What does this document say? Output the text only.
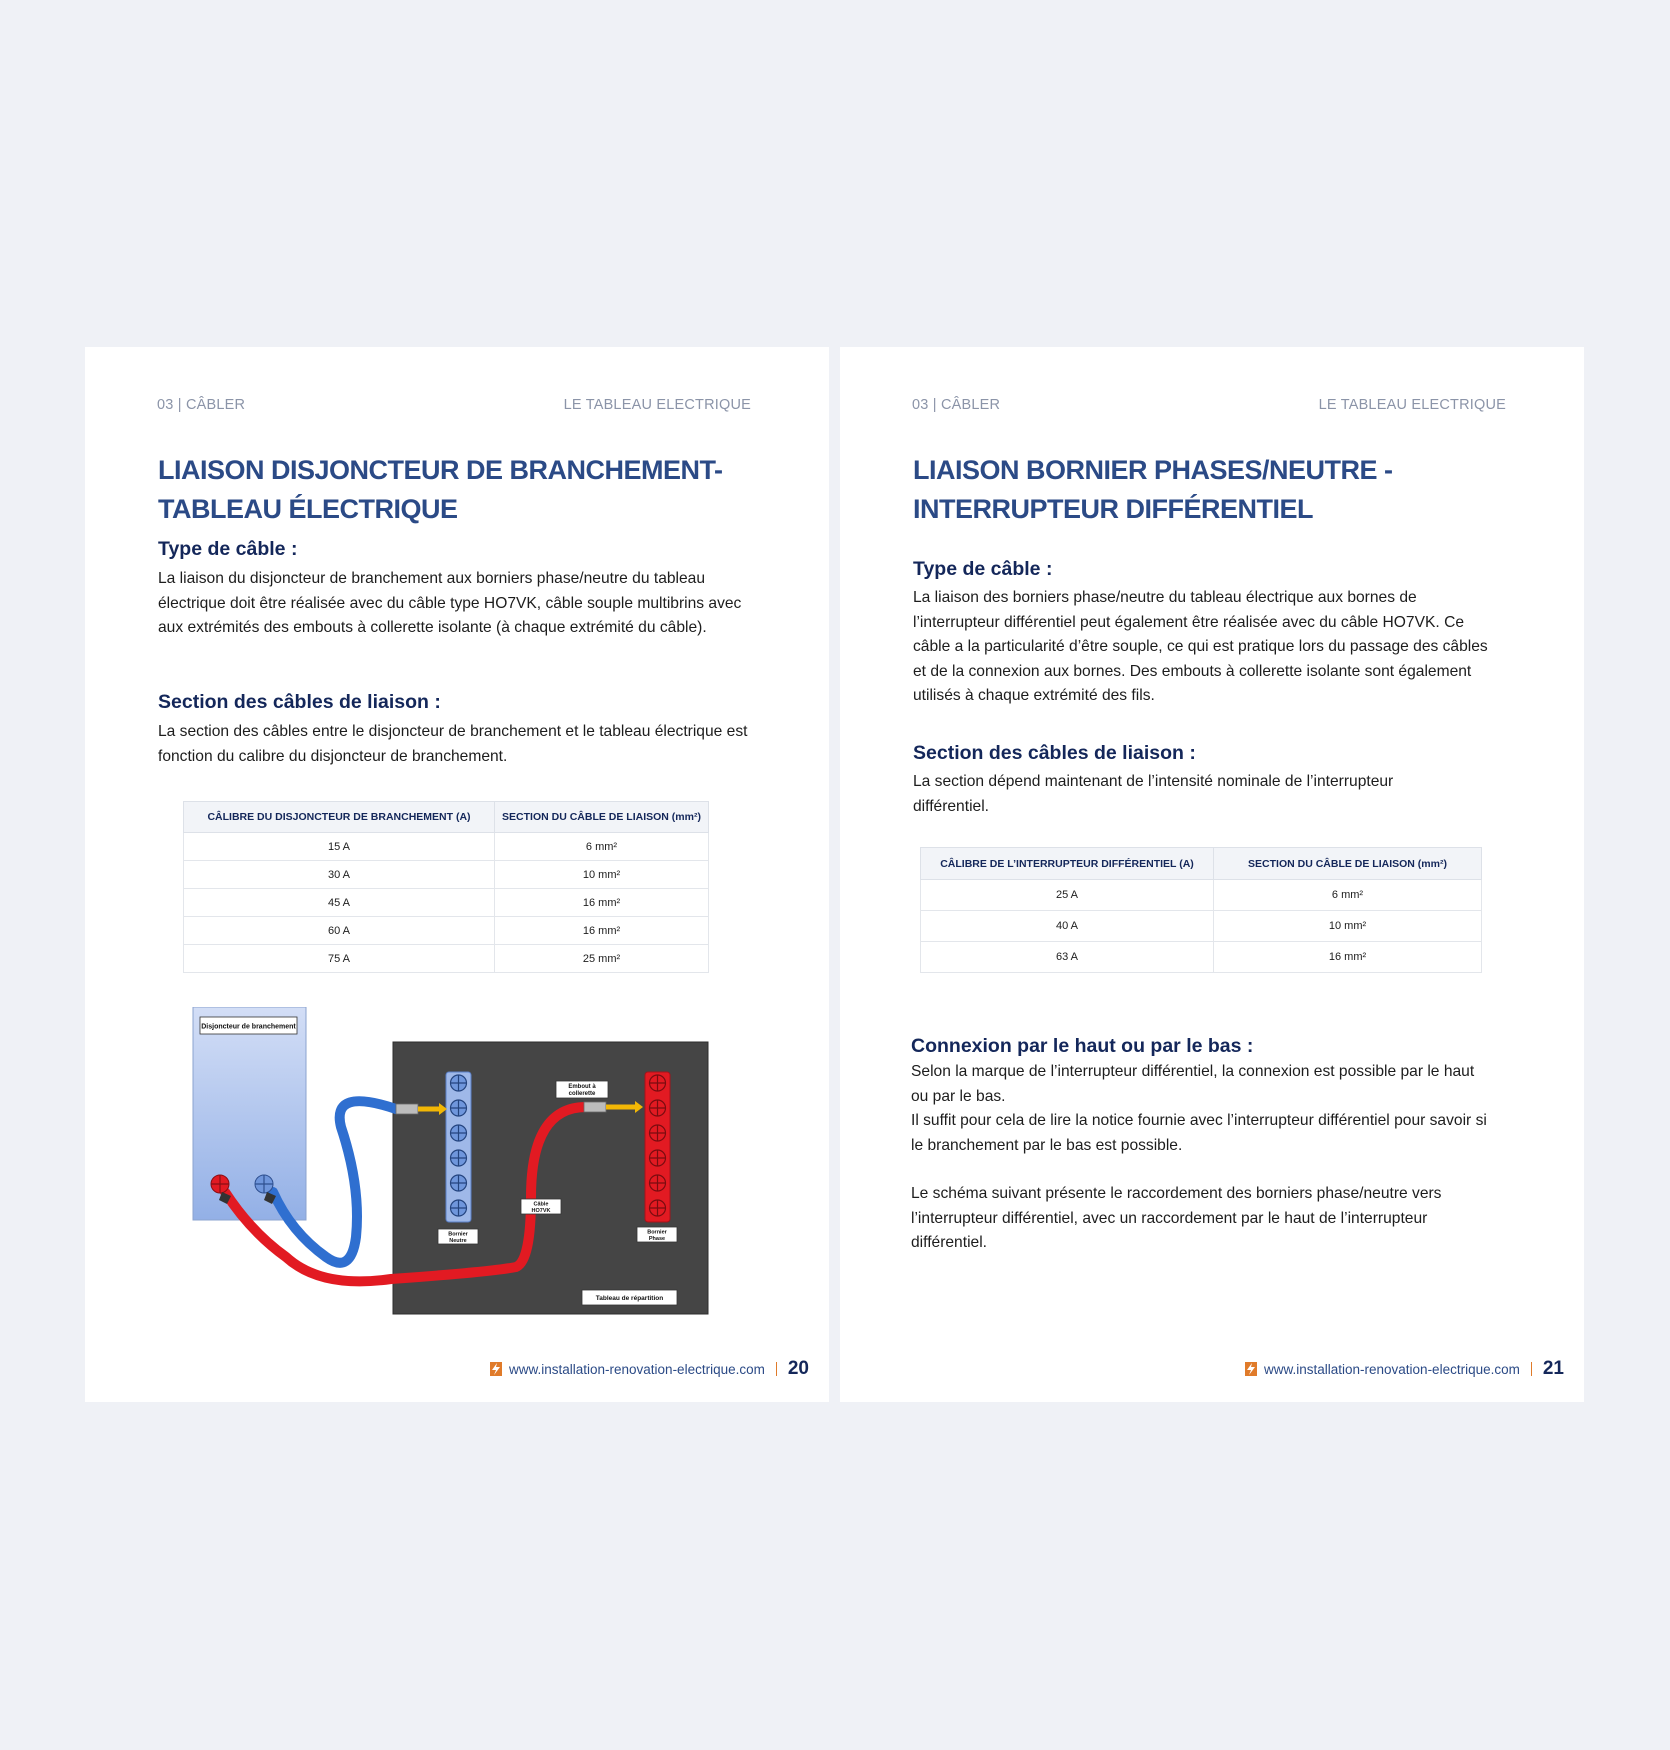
03 | CÂBLER	LE TABLEAU ELECTRIQUE
LIAISON DISJONCTEUR DE BRANCHEMENT-
TABLEAU ÉLECTRIQUE
Type de câble :

La liaison du disjoncteur de branchement aux borniers phase/neutre du tableau électrique doit être réalisée avec du câble type HO7VK, câble souple multibrins avec aux extrémités des embouts à collerette isolante (à chaque extrémité du câble).

Section des câbles de liaison :

La section des câbles entre le disjoncteur de branchement et le tableau électrique est fonction du calibre du disjoncteur de branchement.

CÂLIBRE DU DISJONCTEUR DE BRANCHEMENT (A)	SECTION DU CÂBLE DE LIAISON (mm²)
15 A	6 mm²
30 A	10 mm²
45 A	16 mm²
60 A	16 mm²
75 A	25 mm²
Disjoncteur de branchement
Embout à
collerette
Câble
HO7VK
Bornier
Neutre
Bornier
Phase
Tableau de répartition
www.installation-renovation-electrique.com 20
03 | CÂBLER	LE TABLEAU ELECTRIQUE
LIAISON BORNIER PHASES/NEUTRE -
INTERRUPTEUR DIFFÉRENTIEL
Type de câble :

La liaison des borniers phase/neutre du tableau électrique aux bornes de l’interrupteur différentiel peut également être réalisée avec du câble HO7VK. Ce câble a la particularité d’être souple, ce qui est pratique lors du passage des câbles et de la connexion aux bornes. Des embouts à collerette isolante sont également utilisés à chaque extrémité des fils.

Section des câbles de liaison :

La section dépend maintenant de l’intensité nominale de l’interrupteur différentiel.

CÂLIBRE DE L’INTERRUPTEUR DIFFÉRENTIEL (A)	SECTION DU CÂBLE DE LIAISON (mm²)
25 A	6 mm²
40 A	10 mm²
63 A	16 mm²
Connexion par le haut ou par le bas :

Selon la marque de l’interrupteur différentiel, la connexion est possible par le haut ou par le bas.

Il suffit pour cela de lire la notice fournie avec l’interrupteur différentiel pour savoir si le branchement par le bas est possible.

Le schéma suivant présente le raccordement des borniers phase/neutre vers l’interrupteur différentiel, avec un raccordement par le haut de l’interrupteur différentiel.

www.installation-renovation-electrique.com 21
